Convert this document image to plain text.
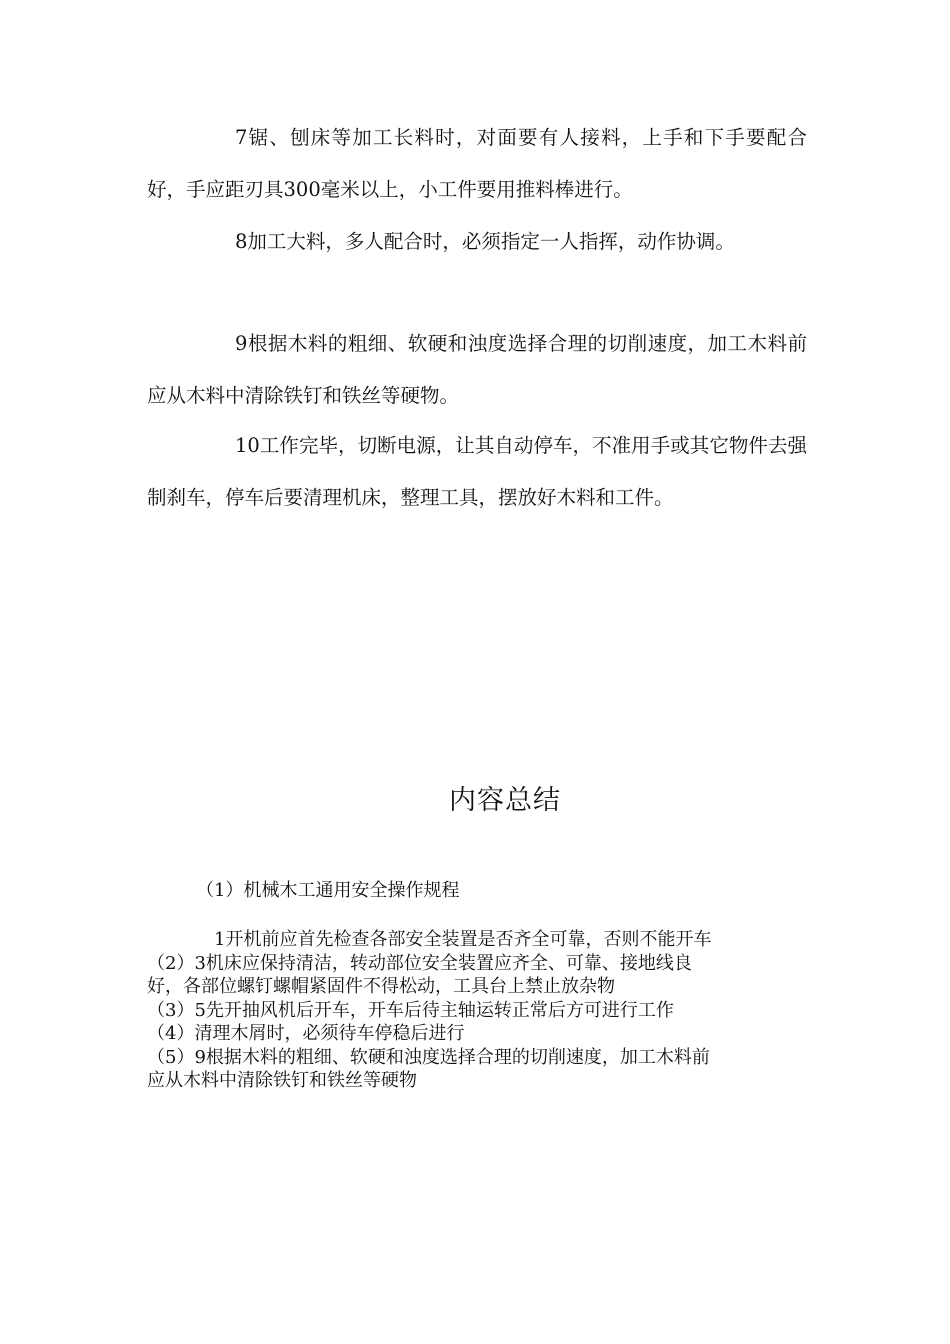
7锯、刨床等加工长料时，对面要有人接料，上手和下手要配合好，手应距刃具300毫米以上，小工件要用推料棒进行。

8加工大料，多人配合时，必须指定一人指挥，动作协调。

9根据木料的粗细、软硬和浊度选择合理的切削速度，加工木料前应从木料中清除铁钉和铁丝等硬物。

10工作完毕，切断电源，让其自动停车，不准用手或其它物件去强制刹车，停车后要清理机床，整理工具，摆放好木料和工件。

内容总结

（1）机械木工通用安全操作规程

1开机前应首先检查各部安全装置是否齐全可靠，否则不能开车
（2）3机床应保持清洁，转动部位安全装置应齐全、可靠、接地线良
好，各部位螺钉螺帽紧固件不得松动，工具台上禁止放杂物
（3）5先开抽风机后开车，开车后待主轴运转正常后方可进行工作
（4）清理木屑时，必须待车停稳后进行
（5）9根据木料的粗细、软硬和浊度选择合理的切削速度，加工木料前
应从木料中清除铁钉和铁丝等硬物
